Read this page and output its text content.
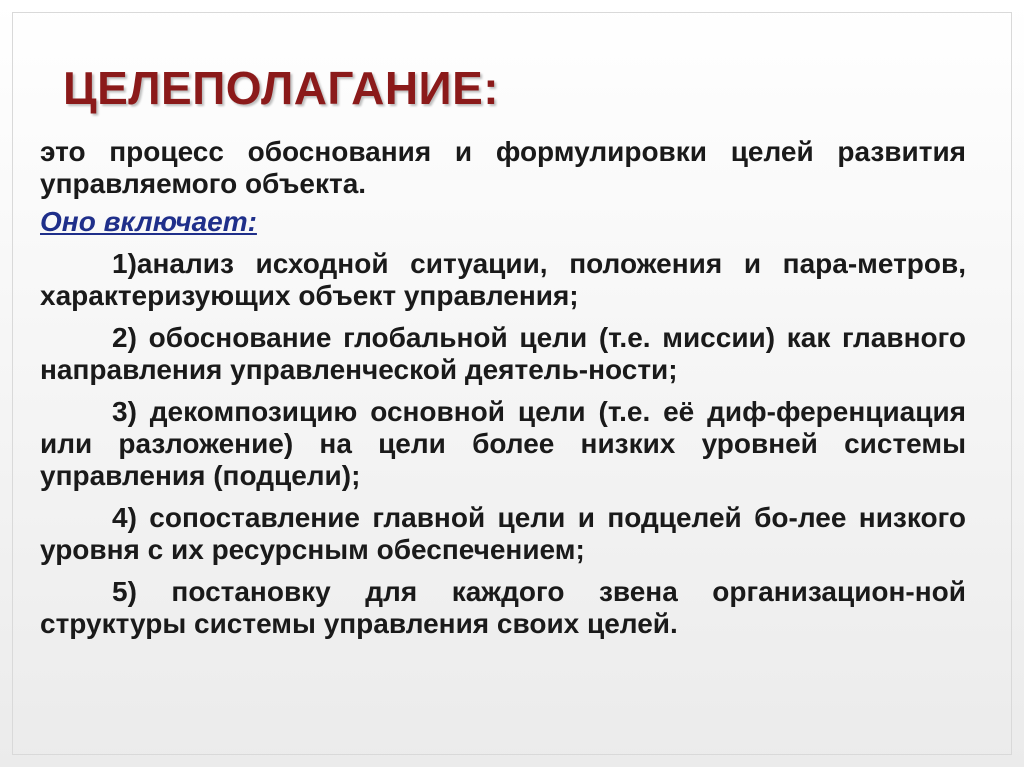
ЦЕЛЕПОЛАГАНИЕ:

это процесс обоснования и формулировки целей развития управляемого объекта.

Оно включает:

1)анализ исходной ситуации, положения и пара-метров, характеризующих объект управления;

2) обоснование глобальной цели (т.е. миссии) как главного направления управленческой деятель-ности;

3) декомпозицию основной цели (т.е. её диф-ференциация или разложение) на цели более низких уровней системы управления (подцели);

4) сопоставление главной цели и подцелей бо-лее низкого уровня с их ресурсным обеспечением;

5) постановку для каждого звена организацион-ной структуры системы управления своих целей.
